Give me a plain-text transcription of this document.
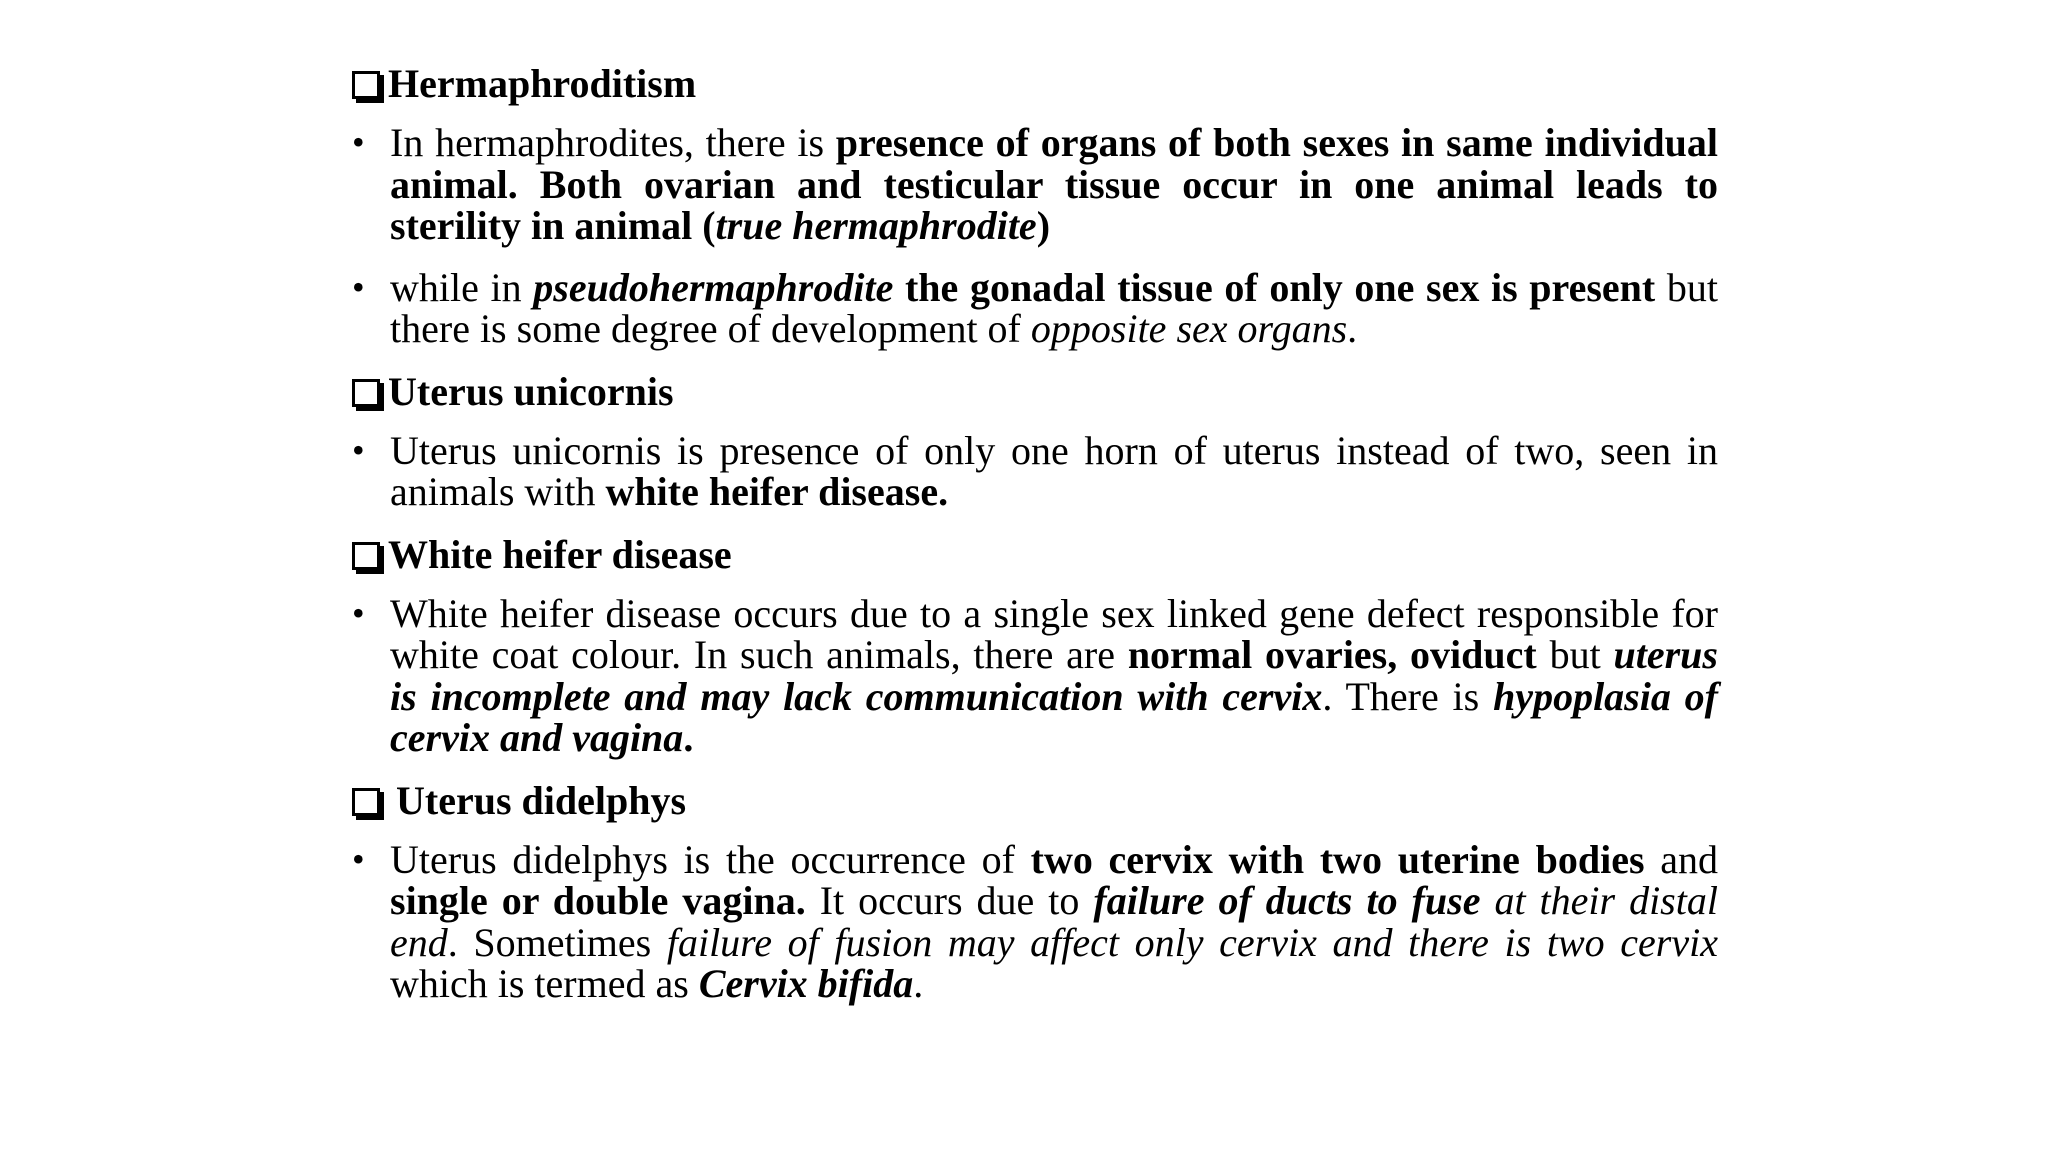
Hermaphroditism
• In hermaphrodites, there is presence of organs of both sexes in same individual animal. Both ovarian and testicular tissue occur in one animal leads to sterility in animal (true hermaphrodite)
• while in pseudohermaphrodite the gonadal tissue of only one sex is present but there is some degree of development of opposite sex organs.
Uterus unicornis
• Uterus unicornis is presence of only one horn of uterus instead of two, seen in animals with white heifer disease.
White heifer disease
• White heifer disease occurs due to a single sex linked gene defect responsible for white coat colour. In such animals, there are normal ovaries, oviduct but uterus is incomplete and may lack communication with cervix. There is hypoplasia of cervix and vagina.
Uterus didelphys
• Uterus didelphys is the occurrence of two cervix with two uterine bodies and single or double vagina. It occurs due to failure of ducts to fuse at their distal end. Sometimes failure of fusion may affect only cervix and there is two cervix which is termed as Cervix bifida.
